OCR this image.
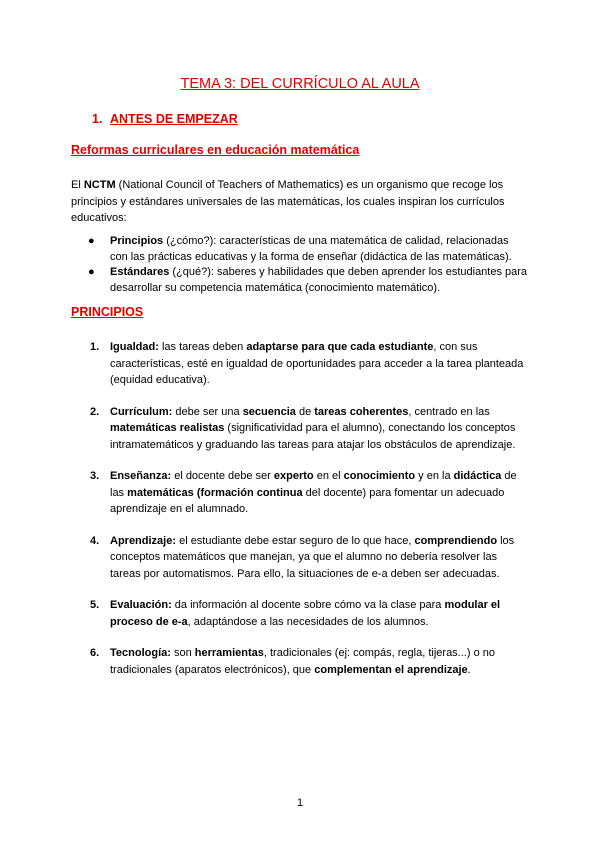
TEMA 3: DEL CURRÍCULO AL AULA
1. ANTES DE EMPEZAR
Reformas curriculares en educación matemática
El NCTM (National Council of Teachers of Mathematics) es un organismo que recoge los principios y estándares universales de las matemáticas, los cuales inspiran los currículos educativos:
● Principios (¿cómo?): características de una matemática de calidad, relacionadas con las prácticas educativas y la forma de enseñar (didáctica de las matemáticas).
● Estándares (¿qué?): saberes y habilidades que deben aprender los estudiantes para desarrollar su competencia matemática (conocimiento matemático).
PRINCIPIOS
1. Igualdad: las tareas deben adaptarse para que cada estudiante, con sus características, esté en igualdad de oportunidades para acceder a la tarea planteada (equidad educativa).
2. Currículum: debe ser una secuencia de tareas coherentes, centrado en las matemáticas realistas (significatividad para el alumno), conectando los conceptos intramatemáticos y graduando las tareas para atajar los obstáculos de aprendizaje.
3. Enseñanza: el docente debe ser experto en el conocimiento y en la didáctica de las matemáticas (formación continua del docente) para fomentar un adecuado aprendizaje en el alumnado.
4. Aprendizaje: el estudiante debe estar seguro de lo que hace, comprendiendo los conceptos matemáticos que manejan, ya que el alumno no debería resolver las tareas por automatismos. Para ello, la situaciones de e-a deben ser adecuadas.
5. Evaluación: da información al docente sobre cómo va la clase para modular el proceso de e-a, adaptándose a las necesidades de los alumnos.
6. Tecnología: son herramientas, tradicionales (ej: compás, regla, tijeras...) o no tradicionales (aparatos electrónicos), que complementan el aprendizaje.
1
